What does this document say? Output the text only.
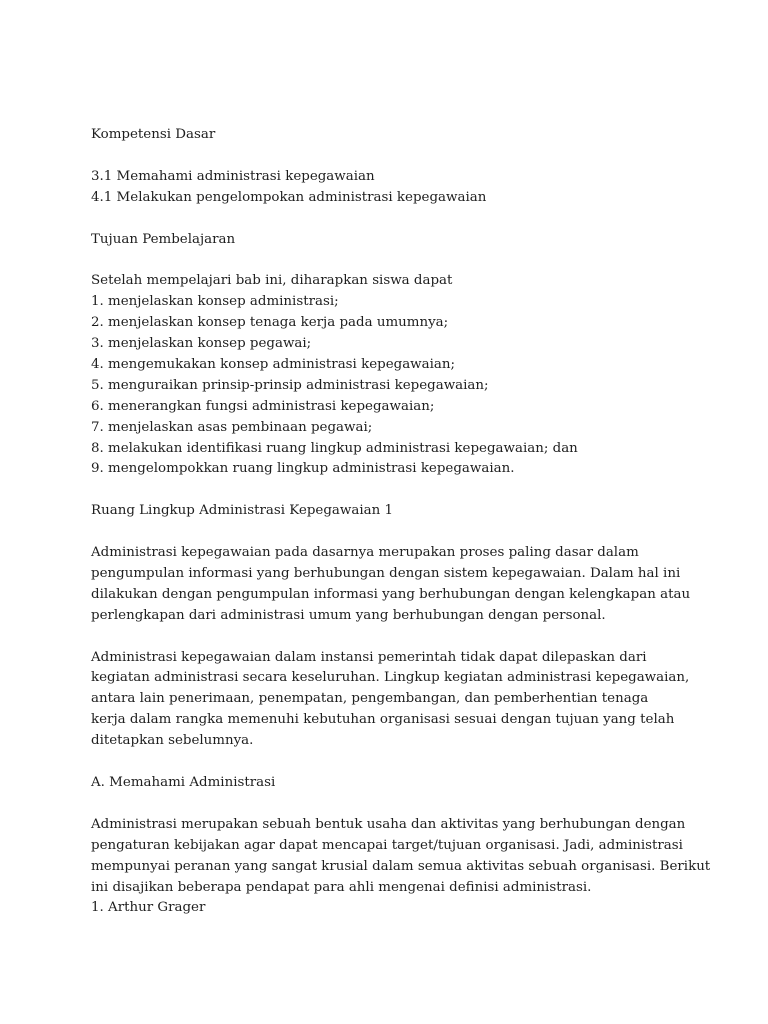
Kompetensi Dasar
3.1 Memahami administrasi kepegawaian
4.1 Melakukan pengelompokan administrasi kepegawaian
Tujuan Pembelajaran
Setelah mempelajari bab ini, diharapkan siswa dapat
1. menjelaskan konsep administrasi;
2. menjelaskan konsep tenaga kerja pada umumnya;
3. menjelaskan konsep pegawai;
4. mengemukakan konsep administrasi kepegawaian;
5. menguraikan prinsip-prinsip administrasi kepegawaian;
6. menerangkan fungsi administrasi kepegawaian;
7. menjelaskan asas pembinaan pegawai;
8. melakukan identifikasi ruang lingkup administrasi kepegawaian; dan
9. mengelompokkan ruang lingkup administrasi kepegawaian.
Ruang Lingkup Administrasi Kepegawaian 1
Administrasi kepegawaian pada dasarnya merupakan proses paling dasar dalam
pengumpulan informasi yang berhubungan dengan sistem kepegawaian. Dalam hal ini
dilakukan dengan pengumpulan informasi yang berhubungan dengan kelengkapan atau
perlengkapan dari administrasi umum yang berhubungan dengan personal.
Administrasi kepegawaian dalam instansi pemerintah tidak dapat dilepaskan dari
kegiatan administrasi secara keseluruhan. Lingkup kegiatan administrasi kepegawaian,
antara lain penerimaan, penempatan, pengembangan, dan pemberhentian tenaga
kerja dalam rangka memenuhi kebutuhan organisasi sesuai dengan tujuan yang telah
ditetapkan sebelumnya.
A. Memahami Administrasi
Administrasi merupakan sebuah bentuk usaha dan aktivitas yang berhubungan dengan
pengaturan kebijakan agar dapat mencapai target/tujuan organisasi. Jadi, administrasi
mempunyai peranan yang sangat krusial dalam semua aktivitas sebuah organisasi. Berikut
ini disajikan beberapa pendapat para ahli mengenai definisi administrasi.
1. Arthur Grager
